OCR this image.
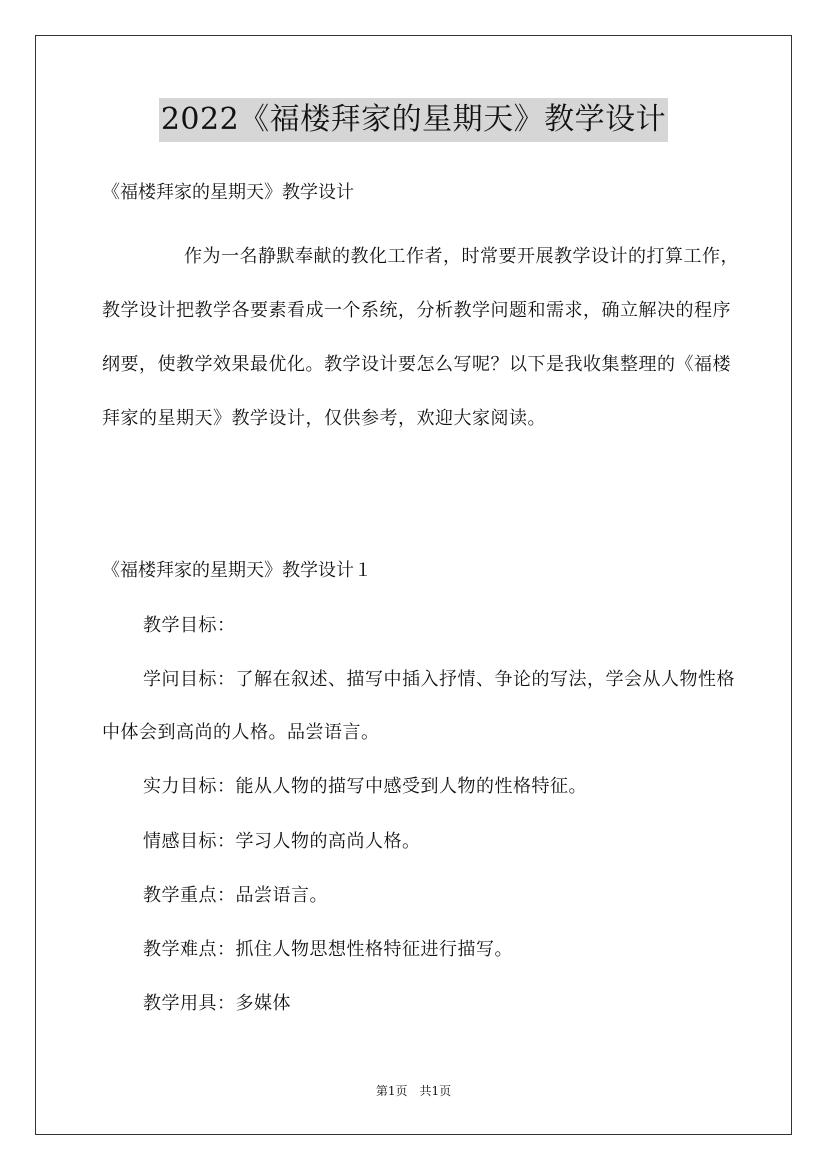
2022《福楼拜家的星期天》教学设计
《福楼拜家的星期天》教学设计

作为一名静默奉献的教化工作者，时常要开展教学设计的打算工作，教学设计把教学各要素看成一个系统，分析教学问题和需求，确立解决的程序纲要，使教学效果最优化。教学设计要怎么写呢？以下是我收集整理的《福楼拜家的星期天》教学设计，仅供参考，欢迎大家阅读。

《福楼拜家的星期天》教学设计１

教学目标：

学问目标：了解在叙述、描写中插入抒情、争论的写法，学会从人物性格中体会到高尚的人格。品尝语言。

实力目标：能从人物的描写中感受到人物的性格特征。

情感目标：学习人物的高尚人格。

教学重点：品尝语言。

教学难点：抓住人物思想性格特征进行描写。

教学用具：多媒体

第1页　共1页
